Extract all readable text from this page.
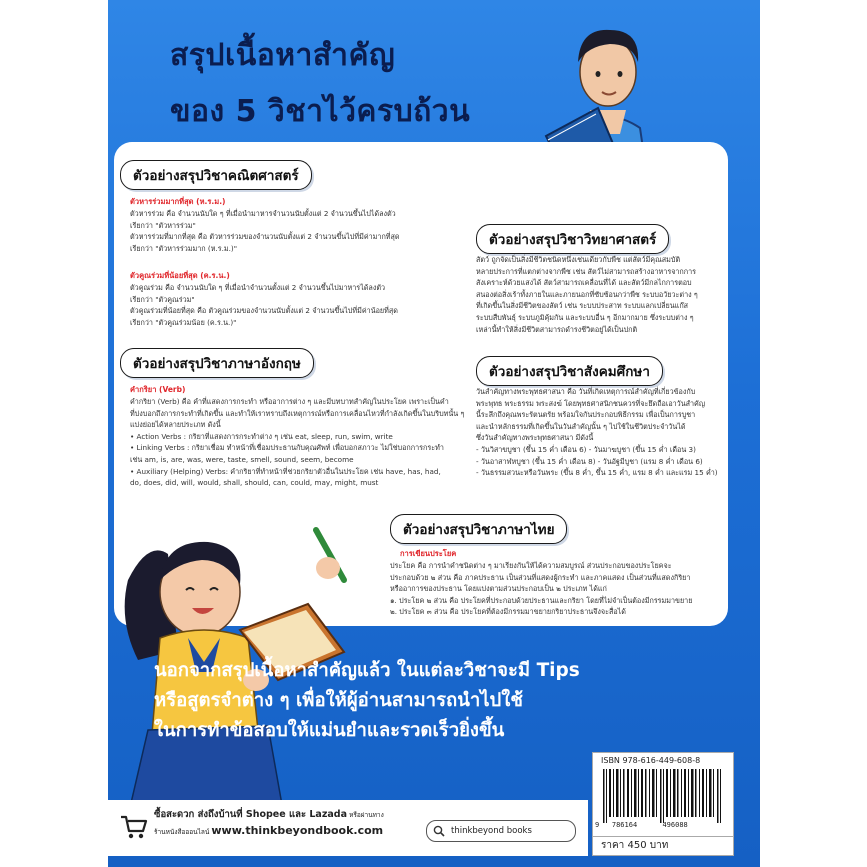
สรุปเนื้อหาสำคัญ
ของ 5 วิชาไว้ครบถ้วน
ตัวอย่างสรุปวิชาคณิตศาสตร์
ตัวหารร่วมมากที่สุด (ห.ร.ม.)
ตัวหารร่วม คือ จำนวนนับใด ๆ ที่เมื่อนำมาหารจำนวนนับตั้งแต่ 2 จำนวนขึ้นไปได้ลงตัว
เรียกว่า "ตัวหารร่วม"
ตัวหารร่วมที่มากที่สุด คือ ตัวหารร่วมของจำนวนนับตั้งแต่ 2 จำนวนขึ้นไปที่มีค่ามากที่สุด
เรียกว่า "ตัวหารร่วมมาก (ห.ร.ม.)"
ตัวคูณร่วมที่น้อยที่สุด (ค.ร.น.)
ตัวคูณร่วม คือ จำนวนนับใด ๆ ที่เมื่อนำจำนวนตั้งแต่ 2 จำนวนขึ้นไปมาหารได้ลงตัว
เรียกว่า "ตัวคูณร่วม"
ตัวคูณร่วมที่น้อยที่สุด คือ ตัวคูณร่วมของจำนวนนับตั้งแต่ 2 จำนวนขึ้นไปที่มีค่าน้อยที่สุด
เรียกว่า "ตัวคูณร่วมน้อย (ค.ร.น.)"
ตัวอย่างสรุปวิชาภาษาอังกฤษ
คำกริยา (Verb)
คำกริยา (Verb) คือ คำที่แสดงการกระทำ หรืออาการต่าง ๆ และมีบทบาทสำคัญในประโยค เพราะเป็นคำ
ที่บ่งบอกถึงการกระทำที่เกิดขึ้น และทำให้เราทราบถึงเหตุการณ์หรือการเคลื่อนไหวที่กำลังเกิดขึ้นในบริบทนั้น ๆ
แบ่งย่อยได้หลายประเภท ดังนี้
• Action Verbs : กริยาที่แสดงการกระทำต่าง ๆ เช่น eat, sleep, run, swim, write
• Linking Verbs : กริยาเชื่อม ทำหน้าที่เชื่อมประธานกับคุณศัพท์ เพื่อบอกสภาวะ ไม่ใช่บอกการกระทำ
เช่น am, is, are, was, were, taste, smell, sound, seem, become
• Auxiliary (Helping) Verbs: คำกริยาที่ทำหน้าที่ช่วยกริยาตัวอื่นในประโยค เช่น have, has, had,
do, does, did, will, would, shall, should, can, could, may, might, must
ตัวอย่างสรุปวิชาวิทยาศาสตร์
สัตว์ ถูกจัดเป็นสิ่งมีชีวิตชนิดหนึ่งเช่นเดียวกับพืช แต่สัตว์มีคุณสมบัติ
หลายประการที่แตกต่างจากพืช เช่น สัตว์ไม่สามารถสร้างอาหารจากการ
สังเคราะห์ด้วยแสงได้ สัตว์สามารถเคลื่อนที่ได้ และสัตว์มีกลไกการตอบ
สนองต่อสิ่งเร้าทั้งภายในและภายนอกที่ซับซ้อนกว่าพืช ระบบอวัยวะต่าง ๆ
ที่เกิดขึ้นในสิ่งมีชีวิตของสัตว์ เช่น ระบบประสาท ระบบแลกเปลี่ยนแก๊ส
ระบบสืบพันธุ์ ระบบภูมิคุ้มกัน และระบบอื่น ๆ อีกมากมาย ซึ่งระบบต่าง ๆ
เหล่านี้ทำให้สิ่งมีชีวิตสามารถดำรงชีวิตอยู่ได้เป็นปกติ
ตัวอย่างสรุปวิชาสังคมศึกษา
วันสำคัญทางพระพุทธศาสนา คือ วันที่เกิดเหตุการณ์สำคัญที่เกี่ยวข้องกับ
พระพุทธ พระธรรม พระสงฆ์ โดยพุทธศาสนิกชนควรที่จะยึดถือเอาวันสำคัญ
นี้ระลึกถึงคุณพระรัตนตรัย พร้อมใจกันประกอบพิธีกรรม เพื่อเป็นการบูชา
และนำหลักธรรมที่เกิดขึ้นในวันสำคัญนั้น ๆ ไปใช้ในชีวิตประจำวันได้
ซึ่งวันสำคัญทางพระพุทธศาสนา มีดังนี้
- วันวิสาขบูชา (ขึ้น 15 ค่ำ เดือน 6) - วันมาฆบูชา (ขึ้น 15 ค่ำ เดือน 3)
- วันอาสาฬหบูชา (ขึ้น 15 ค่ำ เดือน 8) - วันอัฐมีบูชา (แรม 8 ค่ำ เดือน 6)
- วันธรรมสวนะหรือวันพระ (ขึ้น 8 ค่ำ, ขึ้น 15 ค่ำ, แรม 8 ค่ำ และแรม 15 ค่ำ)
ตัวอย่างสรุปวิชาภาษาไทย
การเขียนประโยค
ประโยค คือ การนำคำชนิดต่าง ๆ มาเรียงกันให้ได้ความสมบูรณ์ ส่วนประกอบของประโยคจะ
ประกอบด้วย ๒ ส่วน คือ ภาคประธาน เป็นส่วนที่แสดงผู้กระทำ และภาคแสดง เป็นส่วนที่แสดงกิริยา
หรืออาการของประธาน โดยแบ่งตามส่วนประกอบเป็น ๒ ประเภท ได้แก่
๑. ประโยค ๒ ส่วน คือ ประโยคที่ประกอบด้วยประธานและกริยา โดยที่ไม่จำเป็นต้องมีกรรมมาขยาย
๒. ประโยค ๓ ส่วน คือ ประโยคที่ต้องมีกรรมมาขยายกริยาประธานจึงจะสื่อได้
นอกจากสรุปเนื้อหาสำคัญแล้ว ในแต่ละวิชาจะมี Tips
หรือสูตรจำต่าง ๆ เพื่อให้ผู้อ่านสามารถนำไปใช้
ในการทำข้อสอบให้แม่นยำและรวดเร็วยิ่งขึ้น
ISBN 978-616-449-608-8
9 786164	496088
ราคา 450 บาท
ซื้อสะดวก ส่งถึงบ้านที่ Shopee และ Lazada หรือผ่านทาง
ร้านหนังสือออนไลน์ www.thinkbeyondbook.com	thinkbeyond books
